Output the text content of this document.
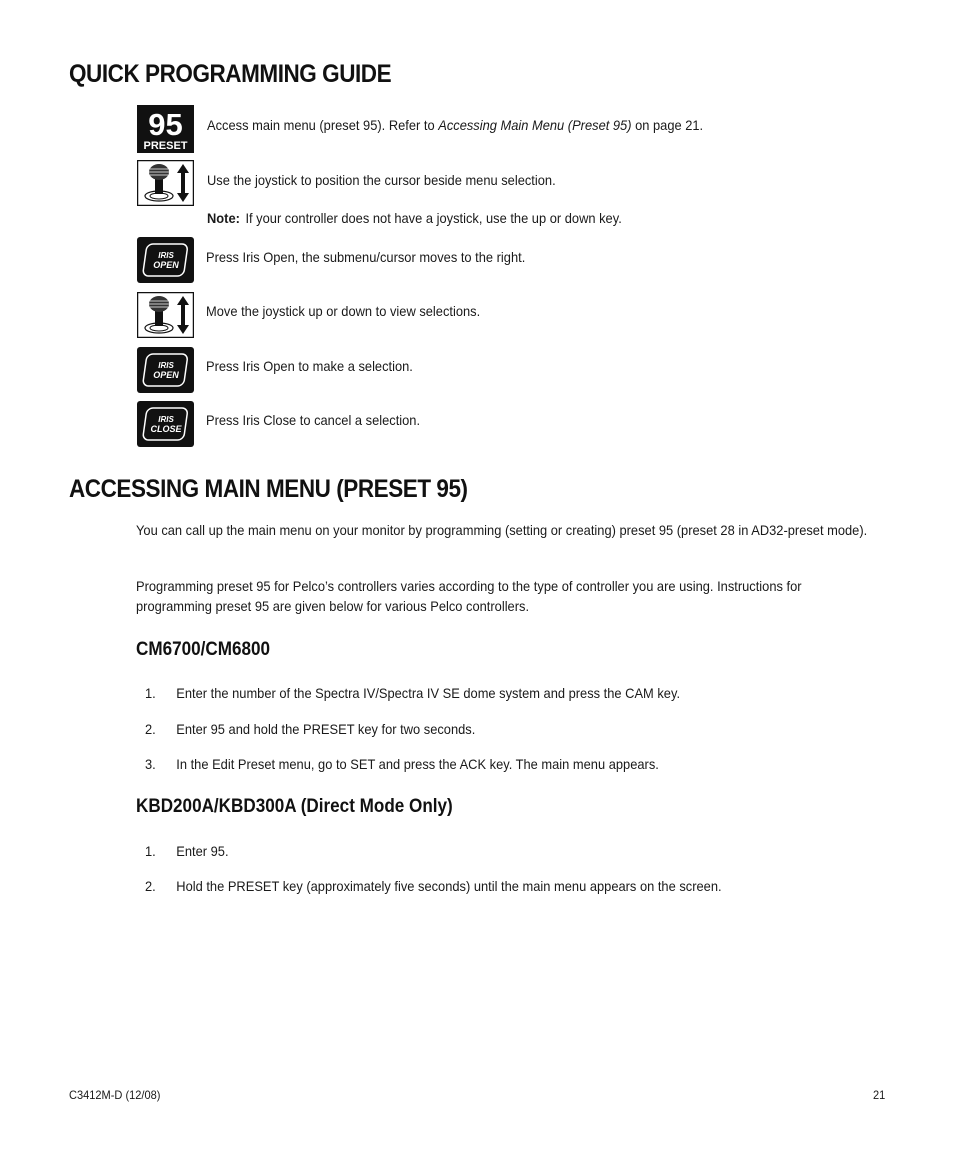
QUICK PROGRAMMING GUIDE
95
PRESET
Access main menu (preset 95). Refer to Accessing Main Menu (Preset 95) on page 21.
Use the joystick to position the cursor beside menu selection.
Note: If your controller does not have a joystick, use the up or down key.
IRIS
OPEN Press Iris Open, the submenu/cursor moves to the right.
Move the joystick up or down to view selections.
IRIS
OPEN
Press Iris Open to make a selection.
IRIS
CLOSE
Press Iris Close to cancel a selection.
ACCESSING MAIN MENU (PRESET 95)

You can call up the main menu on your monitor by programming (setting or creating) preset 95 (preset 28 in AD32-preset mode).

Programming preset 95 for Pelco’s controllers varies according to the type of controller you are using. Instructions for programming preset 95 are given below for various Pelco controllers.

CM6700/CM6800
1. Enter the number of the Spectra IV/Spectra IV SE dome system and press the CAM key.
2. Enter 95 and hold the PRESET key for two seconds.
3. In the Edit Preset menu, go to SET and press the ACK key. The main menu appears.
KBD200A/KBD300A (Direct Mode Only)
1. Enter 95.
2. Hold the PRESET key (approximately five seconds) until the main menu appears on the screen.
C3412M-D (12/08)	21
